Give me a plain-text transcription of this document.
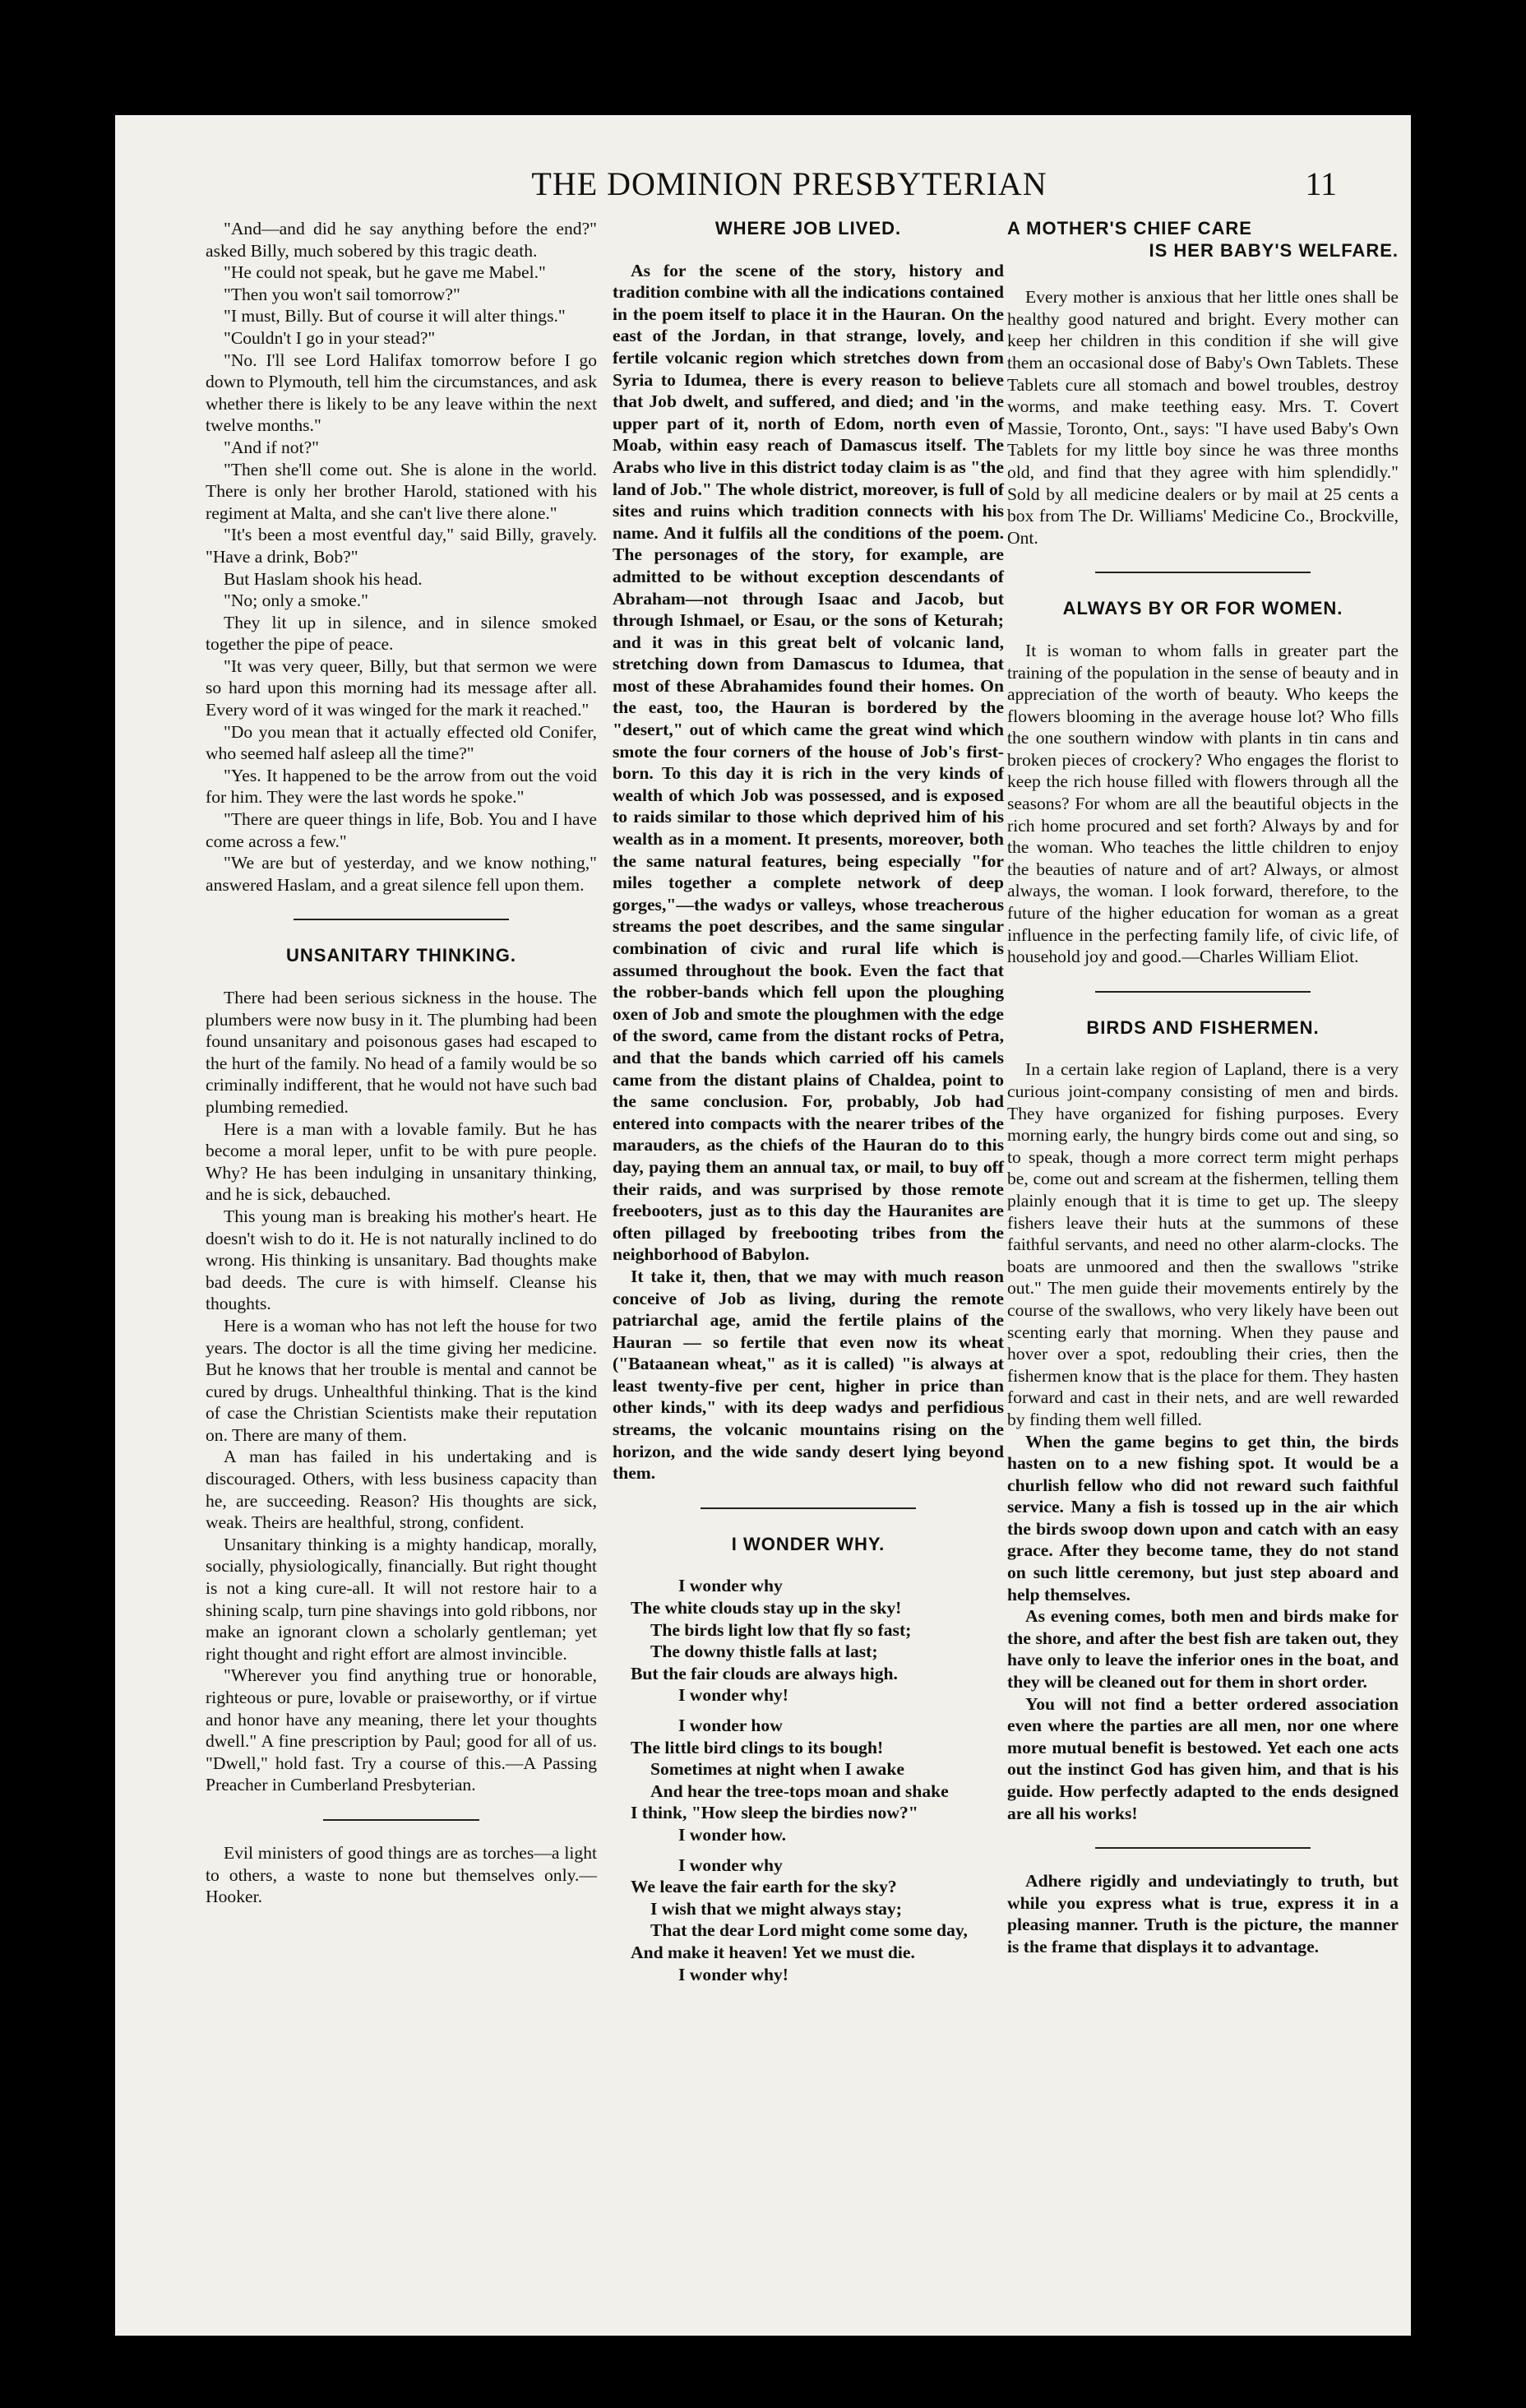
THE DOMINION PRESBYTERIAN	11

"And—and did he say anything before the end?" asked Billy, much sobered by this tragic death.

"He could not speak, but he gave me Mabel."

"Then you won't sail tomorrow?"

"I must, Billy. But of course it will alter things."

"Couldn't I go in your stead?"

"No. I'll see Lord Halifax tomorrow before I go down to Plymouth, tell him the circumstances, and ask whether there is likely to be any leave within the next twelve months."

"And if not?"

"Then she'll come out. She is alone in the world. There is only her brother Harold, stationed with his regiment at Malta, and she can't live there alone."

"It's been a most eventful day," said Billy, gravely. "Have a drink, Bob?"

But Haslam shook his head.

"No; only a smoke."

They lit up in silence, and in silence smoked together the pipe of peace.

"It was very queer, Billy, but that sermon we were so hard upon this morning had its message after all. Every word of it was winged for the mark it reached."

"Do you mean that it actually effected old Conifer, who seemed half asleep all the time?"

"Yes. It happened to be the arrow from out the void for him. They were the last words he spoke."

"There are queer things in life, Bob. You and I have come across a few."

"We are but of yesterday, and we know nothing," answered Haslam, and a great silence fell upon them.

UNSANITARY THINKING.

There had been serious sickness in the house. The plumbers were now busy in it. The plumbing had been found unsanitary and poisonous gases had escaped to the hurt of the family. No head of a family would be so criminally indifferent, that he would not have such bad plumbing remedied.

Here is a man with a lovable family. But he has become a moral leper, unfit to be with pure people. Why? He has been indulging in unsanitary thinking, and he is sick, debauched.

This young man is breaking his mother's heart. He doesn't wish to do it. He is not naturally inclined to do wrong. His thinking is unsanitary. Bad thoughts make bad deeds. The cure is with himself. Cleanse his thoughts.

Here is a woman who has not left the house for two years. The doctor is all the time giving her medicine. But he knows that her trouble is mental and cannot be cured by drugs. Unhealthful thinking. That is the kind of case the Christian Scientists make their reputation on. There are many of them.

A man has failed in his undertaking and is discouraged. Others, with less business capacity than he, are succeeding. Reason? His thoughts are sick, weak. Theirs are healthful, strong, confident.

Unsanitary thinking is a mighty handicap, morally, socially, physiologically, financially. But right thought is not a king cure-all. It will not restore hair to a shining scalp, turn pine shavings into gold ribbons, nor make an ignorant clown a scholarly gentleman; yet right thought and right effort are almost invincible.

"Wherever you find anything true or honorable, righteous or pure, lovable or praiseworthy, or if virtue and honor have any meaning, there let your thoughts dwell." A fine prescription by Paul; good for all of us. "Dwell," hold fast. Try a course of this.—A Passing Preacher in Cumberland Presbyterian.

Evil ministers of good things are as torches—a light to others, a waste to none but themselves only.—Hooker.

WHERE JOB LIVED.

As for the scene of the story, history and tradition combine with all the indications contained in the poem itself to place it in the Hauran. On the east of the Jordan, in that strange, lovely, and fertile volcanic region which stretches down from Syria to Idumea, there is every reason to believe that Job dwelt, and suffered, and died; and 'in the upper part of it, north of Edom, north even of Moab, within easy reach of Damascus itself. The Arabs who live in this district today claim is as "the land of Job." The whole district, moreover, is full of sites and ruins which tradition connects with his name. And it fulfils all the conditions of the poem. The personages of the story, for example, are admitted to be without exception descendants of Abraham—not through Isaac and Jacob, but through Ishmael, or Esau, or the sons of Keturah; and it was in this great belt of volcanic land, stretching down from Damascus to Idumea, that most of these Abrahamides found their homes. On the east, too, the Hauran is bordered by the "desert," out of which came the great wind which smote the four corners of the house of Job's first-born. To this day it is rich in the very kinds of wealth of which Job was possessed, and is exposed to raids similar to those which deprived him of his wealth as in a moment. It presents, moreover, both the same natural features, being especially "for miles together a complete network of deep gorges,"—the wadys or valleys, whose treacherous streams the poet describes, and the same singular combination of civic and rural life which is assumed throughout the book. Even the fact that the robber-bands which fell upon the ploughing oxen of Job and smote the ploughmen with the edge of the sword, came from the distant rocks of Petra, and that the bands which carried off his camels came from the distant plains of Chaldea, point to the same conclusion. For, probably, Job had entered into compacts with the nearer tribes of the marauders, as the chiefs of the Hauran do to this day, paying them an annual tax, or mail, to buy off their raids, and was surprised by those remote freebooters, just as to this day the Hauranites are often pillaged by freebooting tribes from the neighborhood of Babylon.

It take it, then, that we may with much reason conceive of Job as living, during the remote patriarchal age, amid the fertile plains of the Hauran — so fertile that even now its wheat ("Bataanean wheat," as it is called) "is always at least twenty-five per cent, higher in price than other kinds," with its deep wadys and perfidious streams, the volcanic mountains rising on the horizon, and the wide sandy desert lying beyond them.

I WONDER WHY.

I wonder why

The white clouds stay up in the sky!

The birds light low that fly so fast;

The downy thistle falls at last;

But the fair clouds are always high.

I wonder why!

I wonder how

The little bird clings to its bough!

Sometimes at night when I awake

And hear the tree-tops moan and shake

I think, "How sleep the birdies now?"

I wonder how.

I wonder why

We leave the fair earth for the sky?

I wish that we might always stay;

That the dear Lord might come some day,

And make it heaven! Yet we must die.

I wonder why!

A MOTHER'S CHIEF CARE
IS HER BABY'S WELFARE.

Every mother is anxious that her little ones shall be healthy good natured and bright. Every mother can keep her children in this condition if she will give them an occasional dose of Baby's Own Tablets. These Tablets cure all stomach and bowel troubles, destroy worms, and make teething easy. Mrs. T. Covert Massie, Toronto, Ont., says: "I have used Baby's Own Tablets for my little boy since he was three months old, and find that they agree with him splendidly." Sold by all medicine dealers or by mail at 25 cents a box from The Dr. Williams' Medicine Co., Brockville, Ont.

ALWAYS BY OR FOR WOMEN.

It is woman to whom falls in greater part the training of the population in the sense of beauty and in appreciation of the worth of beauty. Who keeps the flowers blooming in the average house lot? Who fills the one southern window with plants in tin cans and broken pieces of crockery? Who engages the florist to keep the rich house filled with flowers through all the seasons? For whom are all the beautiful objects in the rich home procured and set forth? Always by and for the woman. Who teaches the little children to enjoy the beauties of nature and of art? Always, or almost always, the woman. I look forward, therefore, to the future of the higher education for woman as a great influence in the perfecting family life, of civic life, of household joy and good.—Charles William Eliot.

BIRDS AND FISHERMEN.

In a certain lake region of Lapland, there is a very curious joint-company consisting of men and birds. They have organized for fishing purposes. Every morning early, the hungry birds come out and sing, so to speak, though a more correct term might perhaps be, come out and scream at the fishermen, telling them plainly enough that it is time to get up. The sleepy fishers leave their huts at the summons of these faithful servants, and need no other alarm-clocks. The boats are unmoored and then the swallows "strike out." The men guide their movements entirely by the course of the swallows, who very likely have been out scenting early that morning. When they pause and hover over a spot, redoubling their cries, then the fishermen know that is the place for them. They hasten forward and cast in their nets, and are well rewarded by finding them well filled.

When the game begins to get thin, the birds hasten on to a new fishing spot. It would be a churlish fellow who did not reward such faithful service. Many a fish is tossed up in the air which the birds swoop down upon and catch with an easy grace. After they become tame, they do not stand on such little ceremony, but just step aboard and help themselves.

As evening comes, both men and birds make for the shore, and after the best fish are taken out, they have only to leave the inferior ones in the boat, and they will be cleaned out for them in short order.

You will not find a better ordered association even where the parties are all men, nor one where more mutual benefit is bestowed. Yet each one acts out the instinct God has given him, and that is his guide. How perfectly adapted to the ends designed are all his works!

Adhere rigidly and undeviatingly to truth, but while you express what is true, express it in a pleasing manner. Truth is the picture, the manner is the frame that displays it to advantage.
